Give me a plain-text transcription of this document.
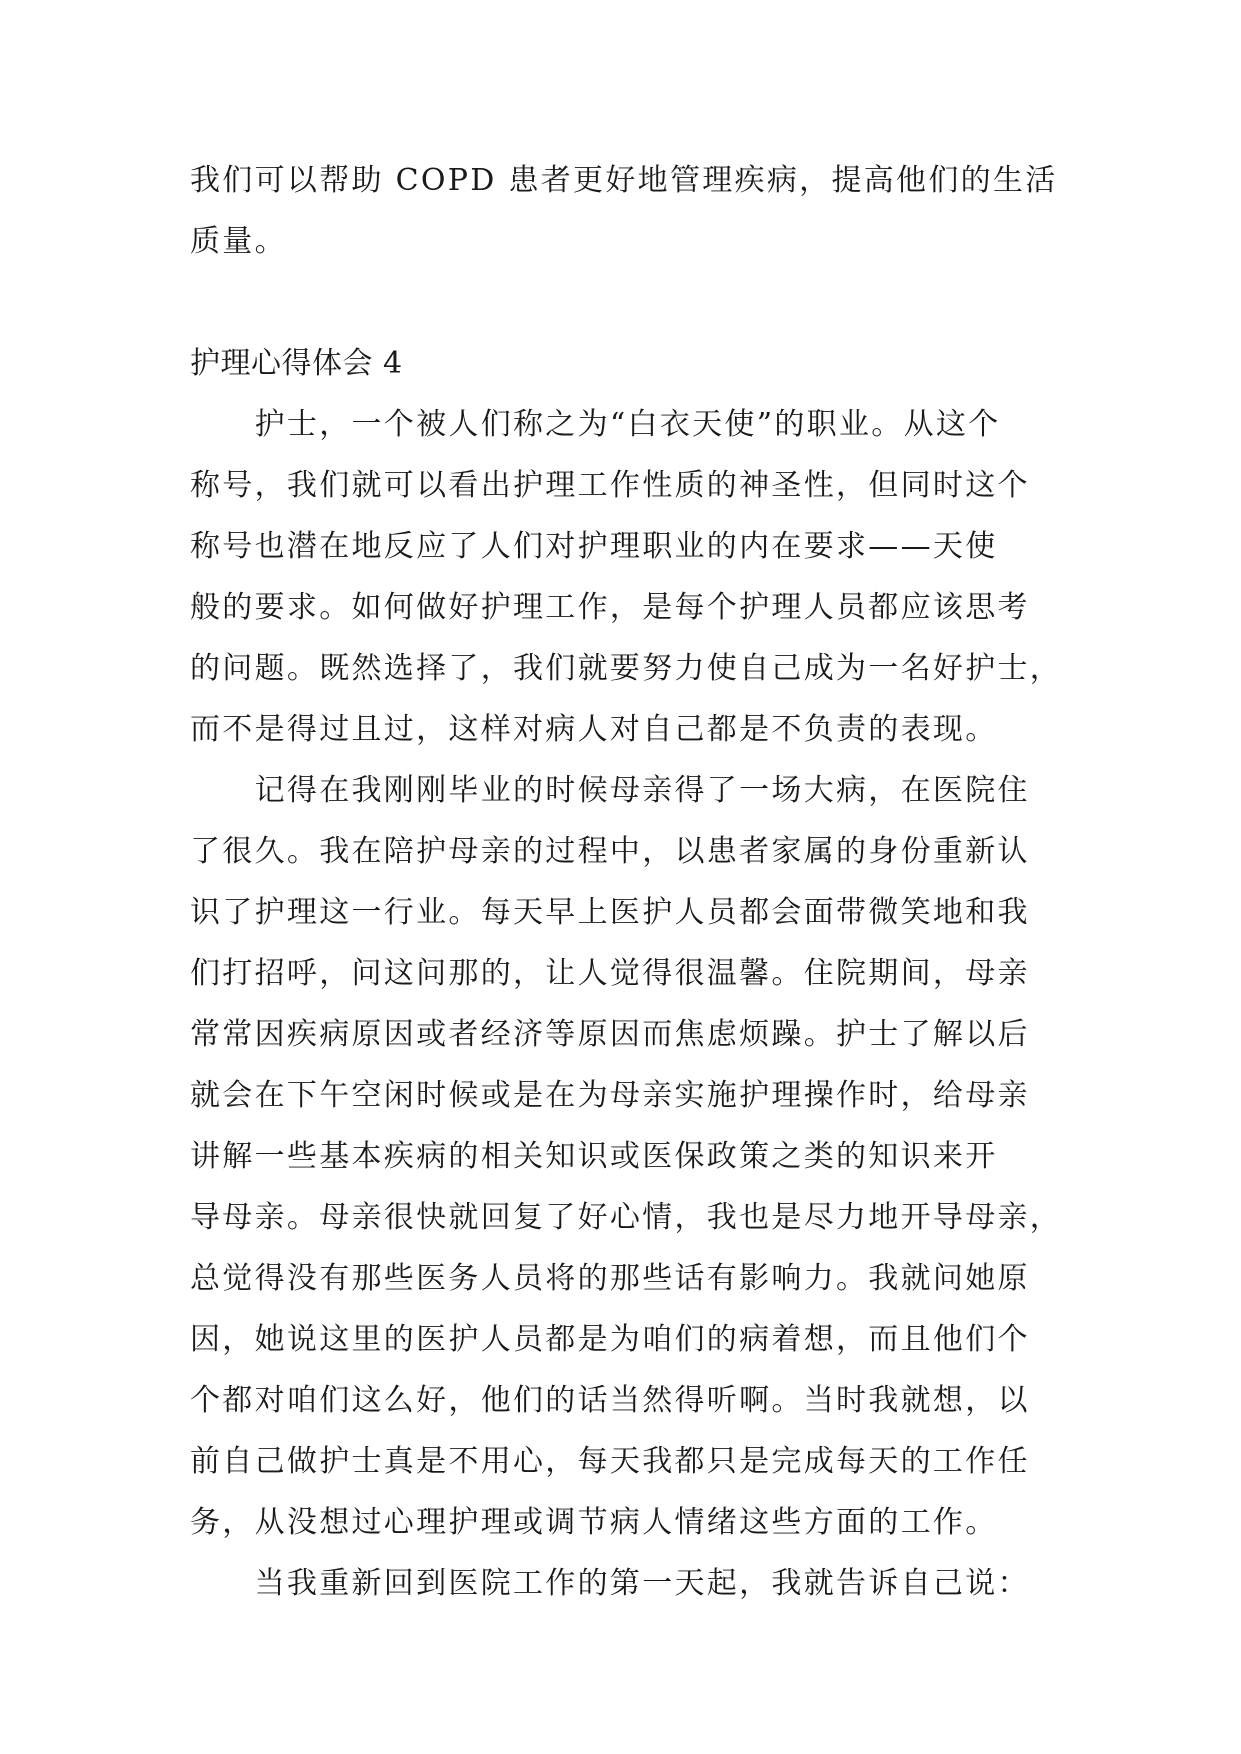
我们可以帮助 COPD 患者更好地管理疾病，提高他们的生活
质量。
护理心得体会 4
　　护士，一个被人们称之为“白衣天使”的职业。从这个
称号，我们就可以看出护理工作性质的神圣性，但同时这个
称号也潜在地反应了人们对护理职业的内在要求——天使
般的要求。如何做好护理工作，是每个护理人员都应该思考
的问题。既然选择了，我们就要努力使自己成为一名好护士，
而不是得过且过，这样对病人对自己都是不负责的表现。
　　记得在我刚刚毕业的时候母亲得了一场大病，在医院住
了很久。我在陪护母亲的过程中，以患者家属的身份重新认
识了护理这一行业。每天早上医护人员都会面带微笑地和我
们打招呼，问这问那的，让人觉得很温馨。住院期间，母亲
常常因疾病原因或者经济等原因而焦虑烦躁。护士了解以后
就会在下午空闲时候或是在为母亲实施护理操作时，给母亲
讲解一些基本疾病的相关知识或医保政策之类的知识来开
导母亲。母亲很快就回复了好心情，我也是尽力地开导母亲，
总觉得没有那些医务人员将的那些话有影响力。我就问她原
因，她说这里的医护人员都是为咱们的病着想，而且他们个
个都对咱们这么好，他们的话当然得听啊。当时我就想，以
前自己做护士真是不用心，每天我都只是完成每天的工作任
务，从没想过心理护理或调节病人情绪这些方面的工作。
　　当我重新回到医院工作的第一天起，我就告诉自己说：
